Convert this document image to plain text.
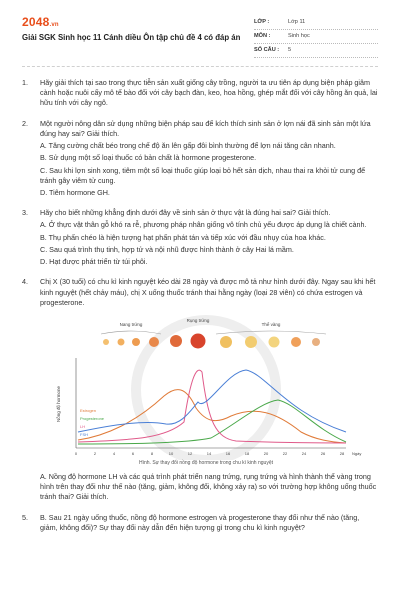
2048.vn
Giải SGK Sinh học 11 Cánh diều Ôn tập chủ đề 4 có đáp án
LỚP :	Lớp 11
MÔN :	Sinh học
SỐ CÂU :	5
1.	Hãy giải thích tại sao trong thực tiễn sản xuất giống cây trồng, người ta ưu tiên áp dụng biện pháp giâm cành hoặc nuôi cấy mô tế bào đối với cây bạch đàn, keo, hoa hồng, ghép mắt đối với cây hồng ăn quả, lai hữu tính với cây ngô.
2.	Một người nông dân sử dụng những biện pháp sau để kích thích sinh sản ở lợn nái đã sinh sản một lứa đúng hay sai? Giải thích.
A. Tăng cường chất béo trong chế độ ăn lên gấp đôi bình thường để lợn nái tăng cân nhanh.
B. Sử dụng một số loại thuốc có bản chất là hormone progesterone.
C. Sau khi lợn sinh xong, tiêm một số loại thuốc giúp loại bỏ hết sản dịch, nhau thai ra khỏi tử cung để tránh gây viêm tử cung.
D. Tiêm hormone GH.
3.	Hãy cho biết những khẳng định dưới đây về sinh sản ở thực vật là đúng hai sai? Giải thích.
A. Ở thực vật thân gỗ khó ra rễ, phương pháp nhân giống vô tính chủ yếu được áp dụng là chiết cành.
B. Thụ phấn chéo là hiện tượng hạt phấn phát tán và tiếp xúc với đầu nhụy của hoa khác.
C. Sau quá trình thụ tinh, hợp tử và nội nhũ được hình thành ở cây Hai lá mầm.
D. Hạt được phát triển từ túi phôi.
4.	Chị X (30 tuổi) có chu kì kinh nguyệt kéo dài 28 ngày và được mô tả như hình dưới đây. Ngay sau khi hết kinh nguyệt (hết chảy máu), chị X uống thuốc tránh thai hằng ngày (loại 28 viên) có chứa estrogen và progesterone.
Nang trứng
Rụng trứng
Thể vàng
Nồng độ hormone	Estrogen
Progesterone
LH
FSH
0	2	4	6	8	10	12	14	16	18	20	22	24	26	28 Ngày
Hình. Sự thay đổi nồng độ hormone trong chu kì kinh nguyệt
A. Nồng độ hormone LH và các quá trình phát triển nang trứng, rụng trứng và hình thành thể vàng trong hình trên thay đổi như thế nào (tăng, giảm, không đổi, không xảy ra) so với trường hợp không uống thuốc tránh thai? Giải thích.
5.	B. Sau 21 ngày uống thuốc, nồng độ hormone estrogen và progesterone thay đổi như thế nào (tăng, giảm, không đổi)? Sự thay đổi này dẫn đến hiện tượng gì trong chu kì kinh nguyệt?
